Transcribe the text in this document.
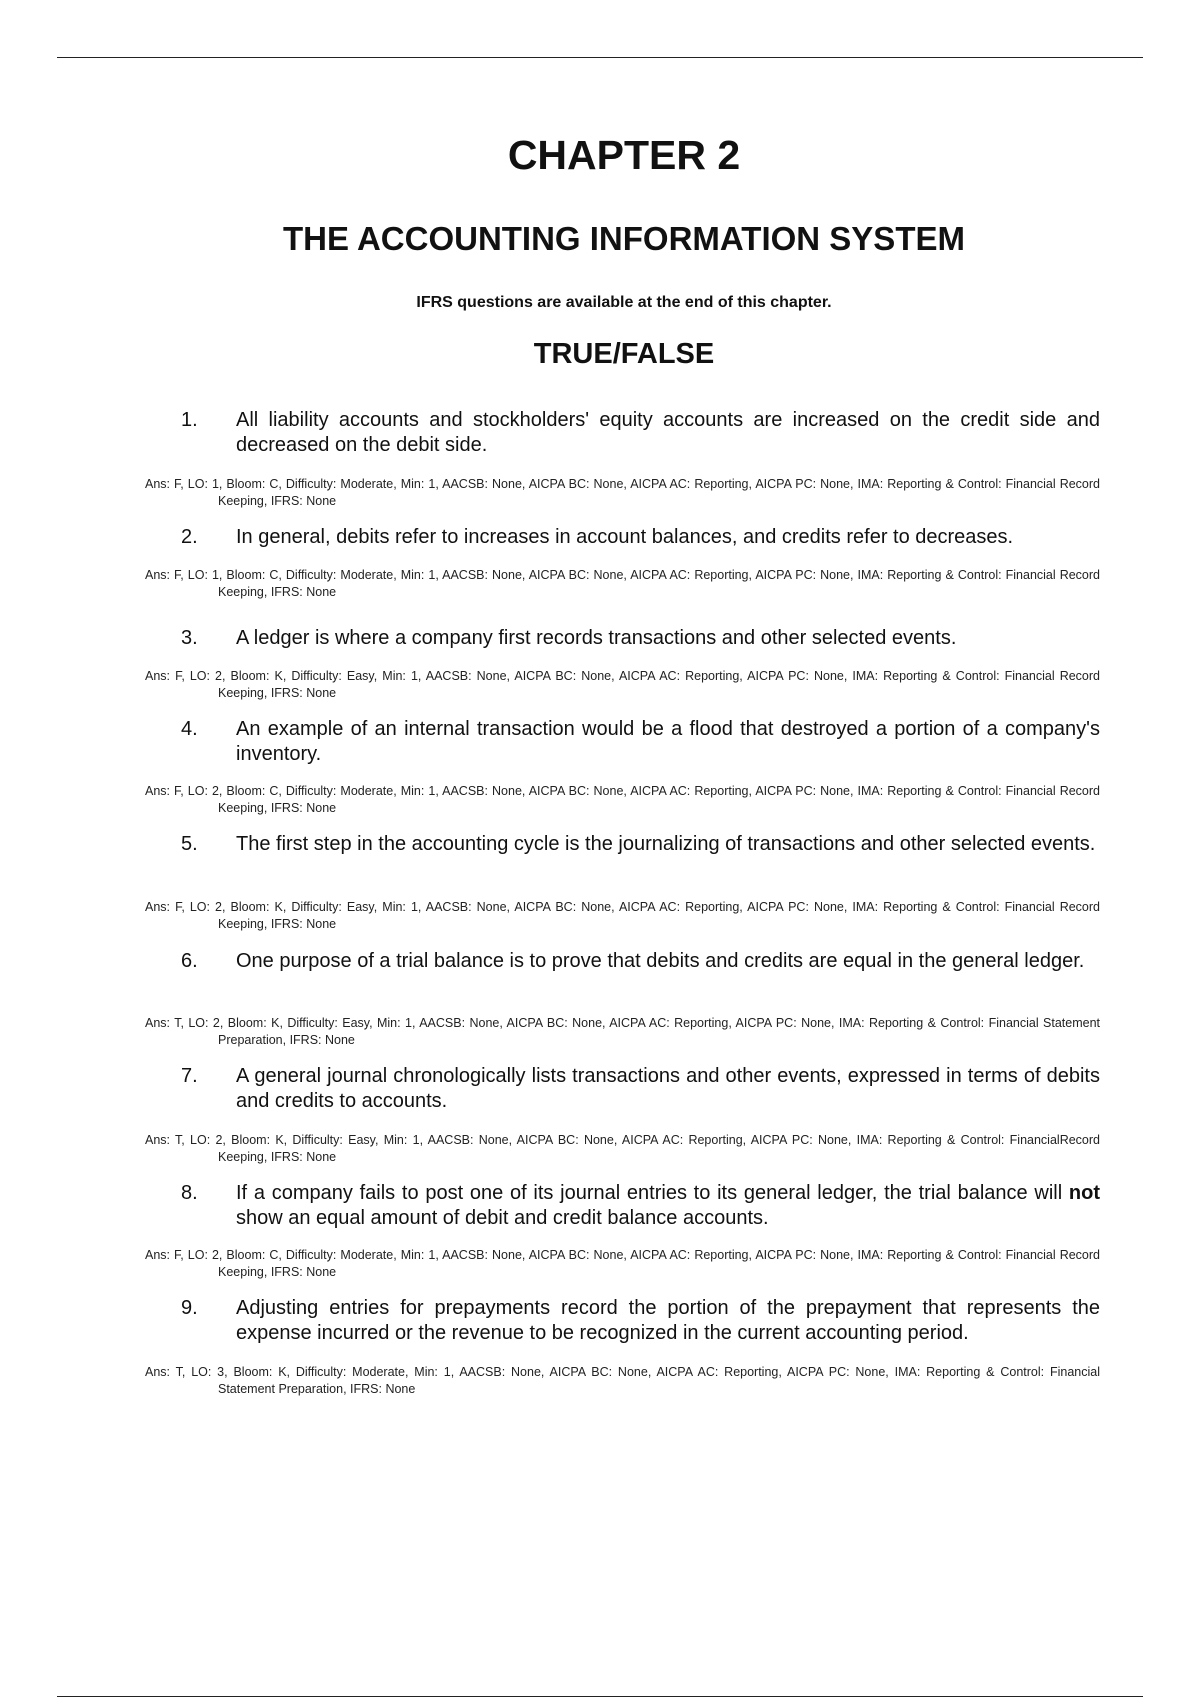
CHAPTER 2
THE ACCOUNTING INFORMATION SYSTEM

IFRS questions are available at the end of this chapter.

TRUE/FALSE
1. All liability accounts and stockholders' equity accounts are increased on the credit side and decreased on the debit side.
Ans: F, LO: 1, Bloom: C, Difficulty: Moderate, Min: 1, AACSB: None, AICPA BC: None, AICPA AC: Reporting, AICPA PC: None, IMA: Reporting & Control: Financial Record Keeping, IFRS: None
2. In general, debits refer to increases in account balances, and credits refer to decreases.
Ans: F, LO: 1, Bloom: C, Difficulty: Moderate, Min: 1, AACSB: None, AICPA BC: None, AICPA AC: Reporting, AICPA PC: None, IMA: Reporting & Control: Financial Record Keeping, IFRS: None
3. A ledger is where a company first records transactions and other selected events.
Ans: F, LO: 2, Bloom: K, Difficulty: Easy, Min: 1, AACSB: None, AICPA BC: None, AICPA AC: Reporting, AICPA PC: None, IMA: Reporting & Control: Financial Record Keeping, IFRS: None
4. An example of an internal transaction would be a flood that destroyed a portion of a company's inventory.
Ans: F, LO: 2, Bloom: C, Difficulty: Moderate, Min: 1, AACSB: None, AICPA BC: None, AICPA AC: Reporting, AICPA PC: None, IMA: Reporting & Control: Financial Record Keeping, IFRS: None
5. The first step in the accounting cycle is the journalizing of transactions and other selected events.
Ans: F, LO: 2, Bloom: K, Difficulty: Easy, Min: 1, AACSB: None, AICPA BC: None, AICPA AC: Reporting, AICPA PC: None, IMA: Reporting & Control: Financial Record Keeping, IFRS: None
6. One purpose of a trial balance is to prove that debits and credits are equal in the general ledger.
Ans: T, LO: 2, Bloom: K, Difficulty: Easy, Min: 1, AACSB: None, AICPA BC: None, AICPA AC: Reporting, AICPA PC: None, IMA: Reporting & Control: Financial Statement Preparation, IFRS: None
7. A general journal chronologically lists transactions and other events, expressed in terms of debits and credits to accounts.
Ans: T, LO: 2, Bloom: K, Difficulty: Easy, Min: 1, AACSB: None, AICPA BC: None, AICPA AC: Reporting, AICPA PC: None, IMA: Reporting & Control: FinancialRecord Keeping, IFRS: None
8. If a company fails to post one of its journal entries to its general ledger, the trial balance will not show an equal amount of debit and credit balance accounts.
Ans: F, LO: 2, Bloom: C, Difficulty: Moderate, Min: 1, AACSB: None, AICPA BC: None, AICPA AC: Reporting, AICPA PC: None, IMA: Reporting & Control: Financial Record Keeping, IFRS: None
9. Adjusting entries for prepayments record the portion of the prepayment that represents the expense incurred or the revenue to be recognized in the current accounting period.
Ans: T, LO: 3, Bloom: K, Difficulty: Moderate, Min: 1, AACSB: None, AICPA BC: None, AICPA AC: Reporting, AICPA PC: None, IMA: Reporting & Control: Financial Statement Preparation, IFRS: None
